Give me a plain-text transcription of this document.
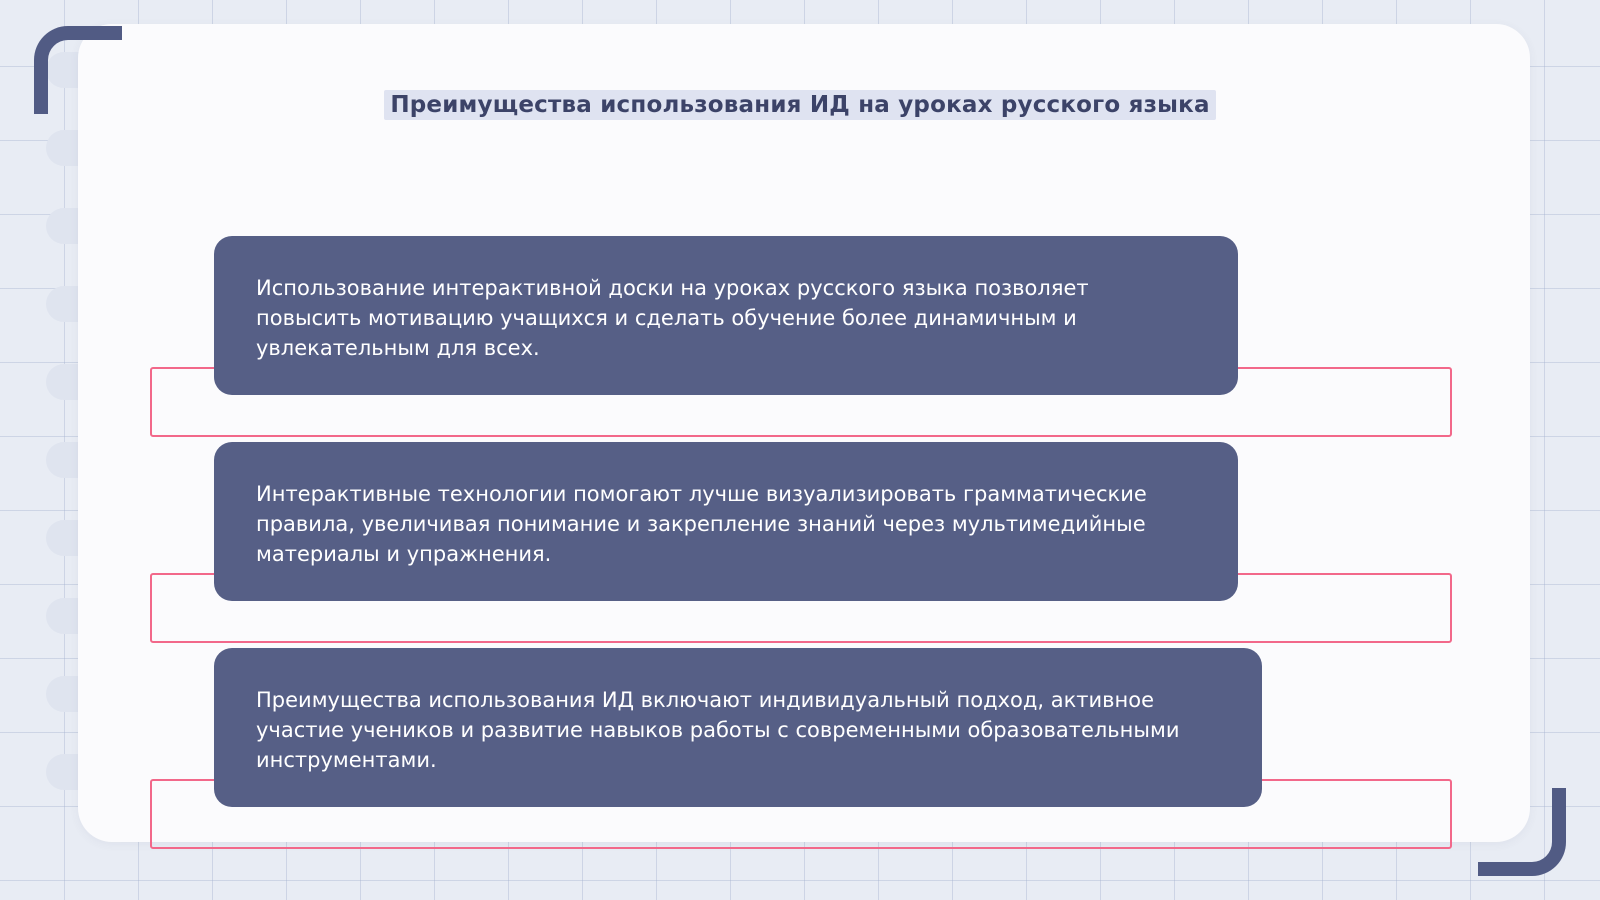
Преимущества использования ИД на уроках русского языка

Использование интерактивной доски на уроках русского языка позволяет повысить мотивацию учащихся и сделать обучение более динамичным и увлекательным для всех.

Интерактивные технологии помогают лучше визуализировать грамматические правила, увеличивая понимание и закрепление знаний через мультимедийные материалы и упражнения.

Преимущества использования ИД включают индивидуальный подход, активное участие учеников и развитие навыков работы с современными образовательными инструментами.
